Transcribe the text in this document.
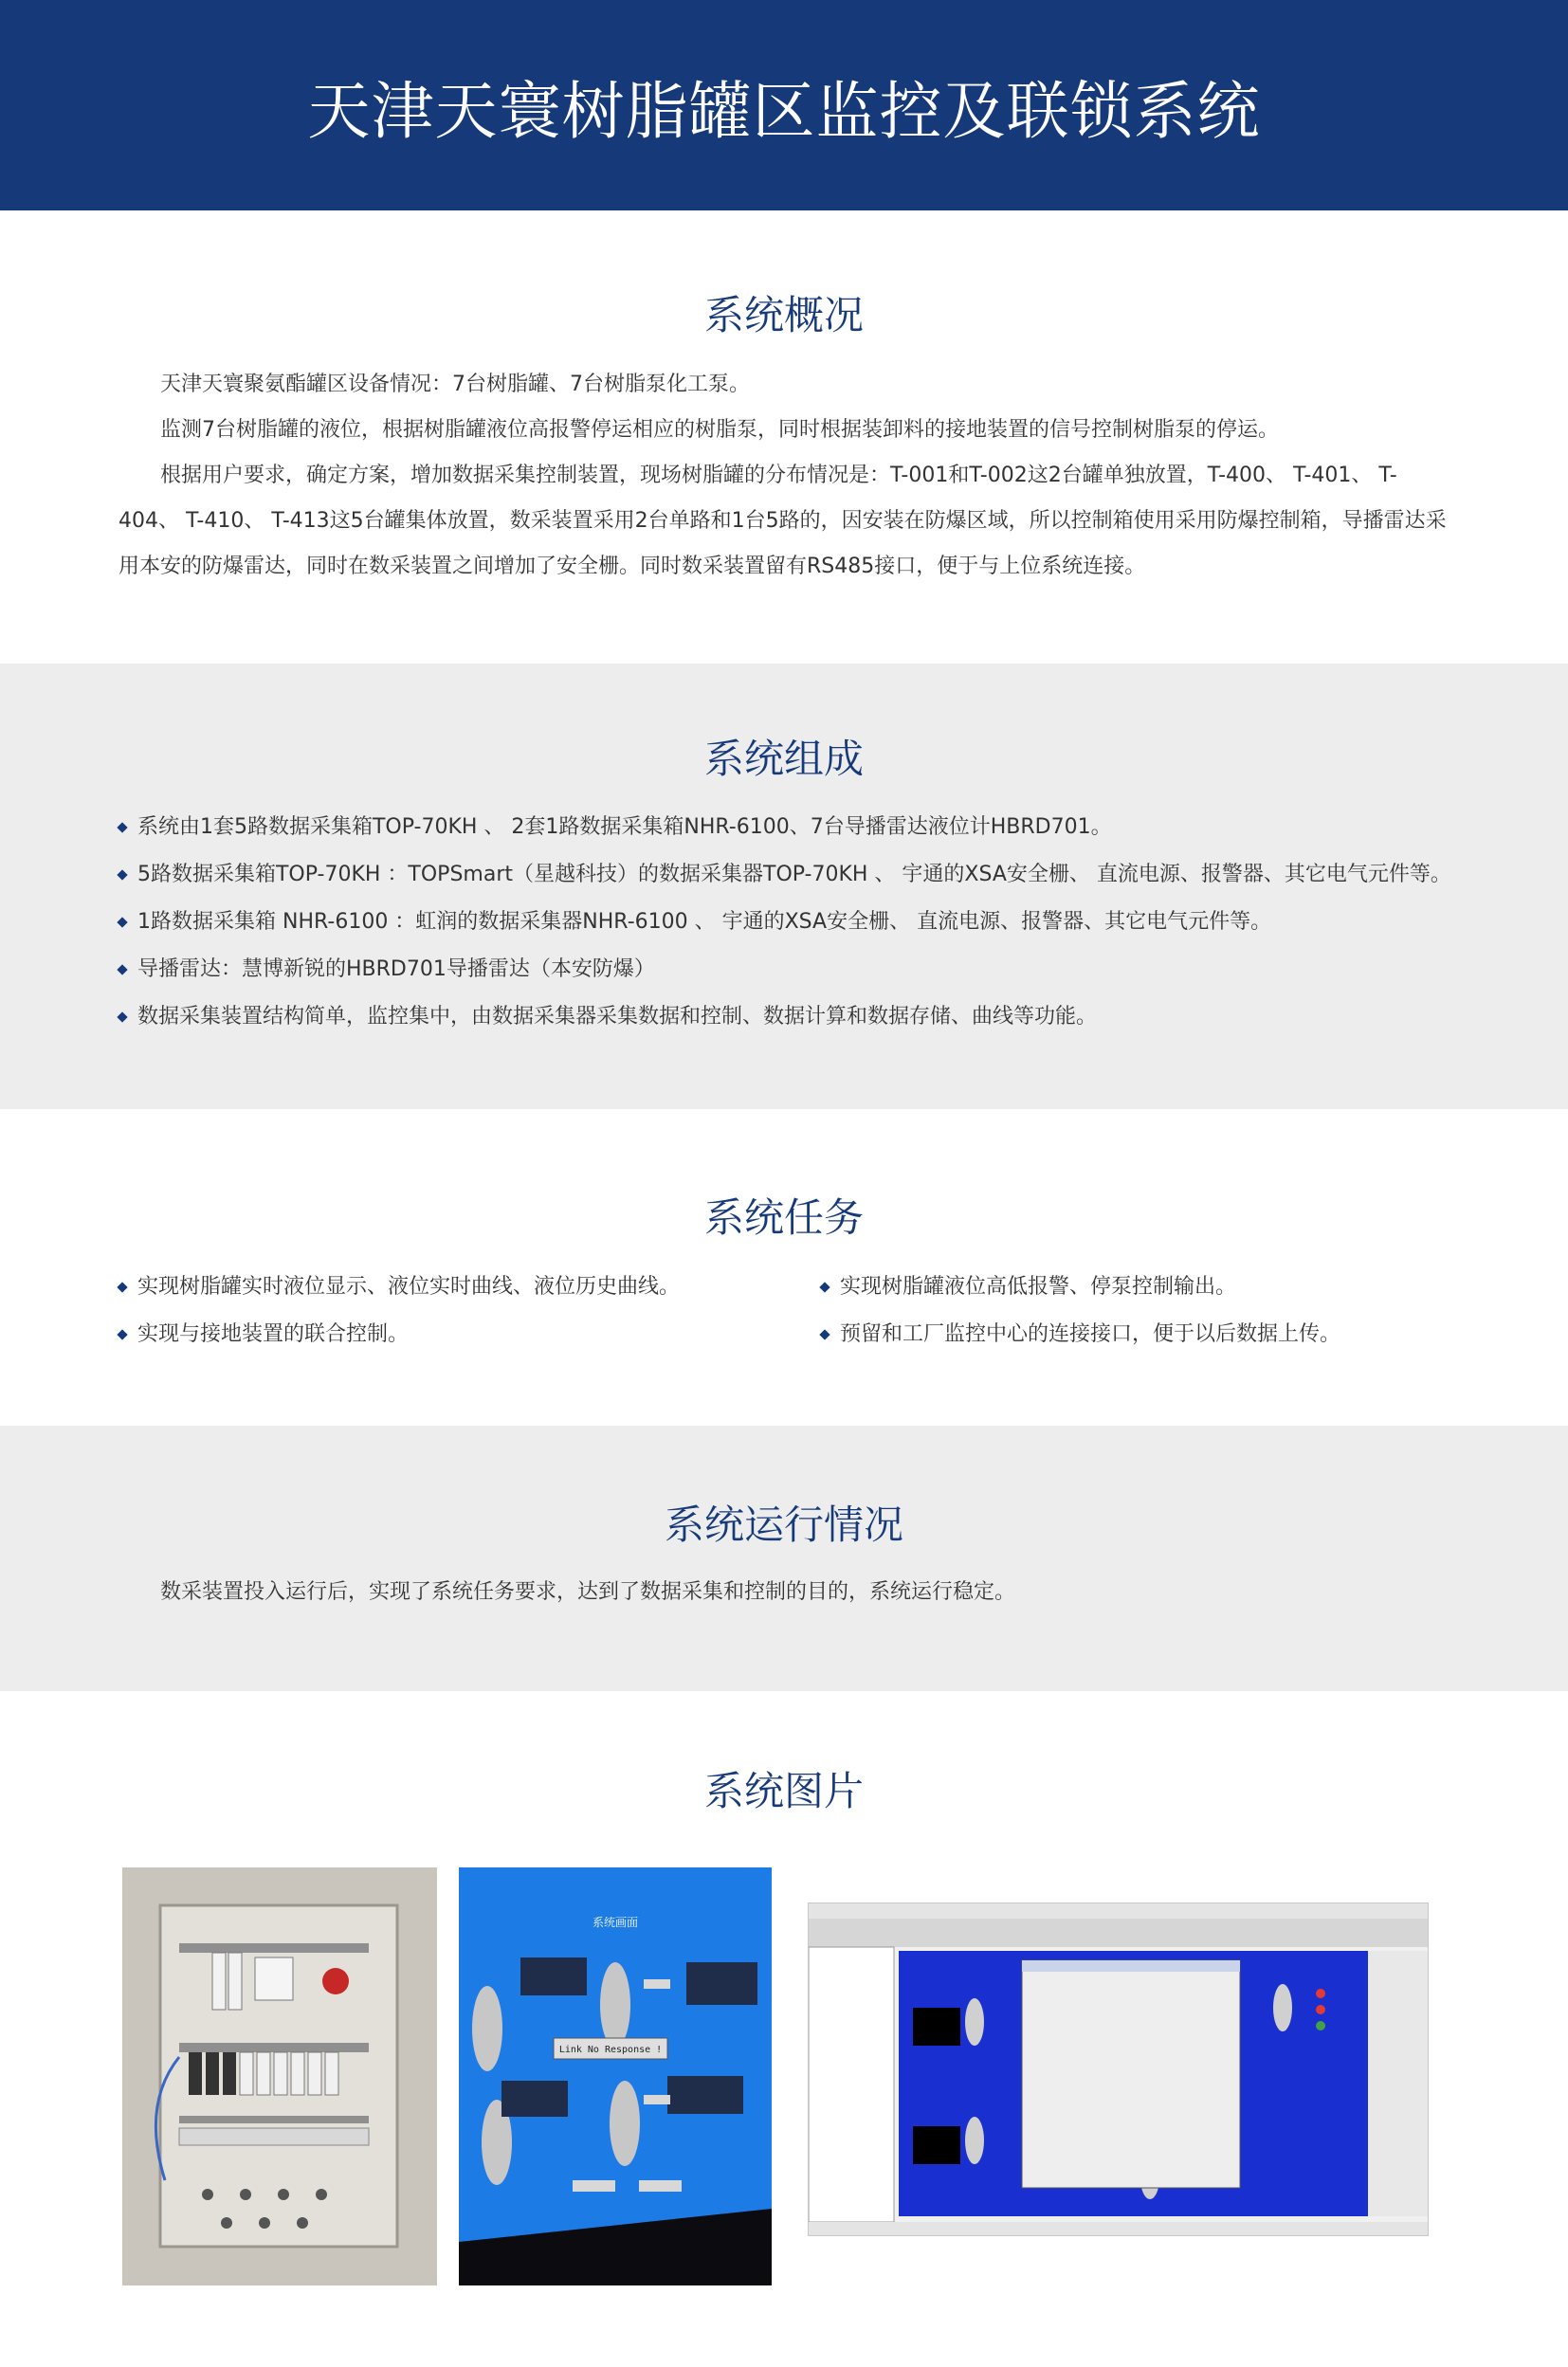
天津天寰树脂罐区监控及联锁系统
系统概况

天津天寰聚氨酯罐区设备情况：7台树脂罐、7台树脂泵化工泵。

监测7台树脂罐的液位，根据树脂罐液位高报警停运相应的树脂泵，同时根据装卸料的接地装置的信号控制树脂泵的停运。

根据用户要求，确定方案，增加数据采集控制装置，现场树脂罐的分布情况是：T-001和T-002这2台罐单独放置，T-400、 T-401、 T-404、 T-410、 T-413这5台罐集体放置，数采装置采用2台单路和1台5路的，因安装在防爆区域，所以控制箱使用采用防爆控制箱，导播雷达采用本安的防爆雷达，同时在数采装置之间增加了安全栅。同时数采装置留有RS485接口，便于与上位系统连接。

系统组成
系统由1套5路数据采集箱TOP-70KH 、 2套1路数据采集箱NHR-6100、7台导播雷达液位计HBRD701。
5路数据采集箱TOP-70KH ：TOPSmart（星越科技）的数据采集器TOP-70KH 、 宇通的XSA安全栅、 直流电源、报警器、其它电气元件等。
1路数据采集箱 NHR-6100 ：虹润的数据采集器NHR-6100 、 宇通的XSA安全栅、 直流电源、报警器、其它电气元件等。
导播雷达：慧博新锐的HBRD701导播雷达（本安防爆）
数据采集装置结构简单，监控集中，由数据采集器采集数据和控制、数据计算和数据存储、曲线等功能。
系统任务
实现树脂罐实时液位显示、液位实时曲线、液位历史曲线。
实现与接地装置的联合控制。
实现树脂罐液位高低报警、停泵控制输出。
预留和工厂监控中心的连接接口，便于以后数据上传。
系统运行情况

数采装置投入运行后，实现了系统任务要求，达到了数据采集和控制的目的，系统运行稳定。

系统图片
系统画面
Link No Response !
